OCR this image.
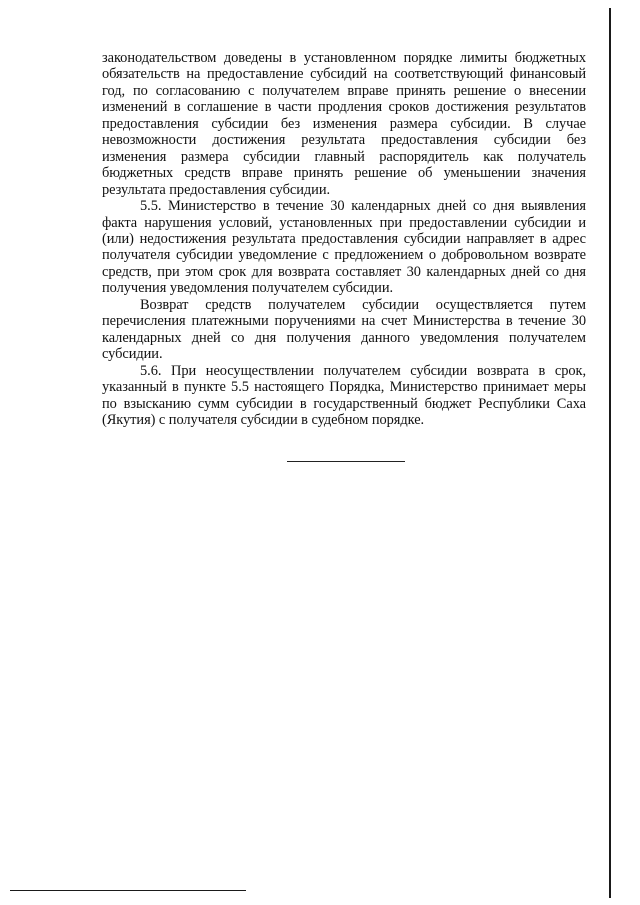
законодательством доведены в установленном порядке лимиты бюджетных обязательств на предоставление субсидий на соответствующий финансовый год, по согласованию с получателем вправе принять решение о внесении изменений в соглашение в части продления сроков достижения результатов предоставления субсидии без изменения размера субсидии. В случае невозможности достижения результата предоставления субсидии без изменения размера субсидии главный распорядитель как получатель бюджетных средств вправе принять решение об уменьшении значения результата предоставления субсидии.

5.5. Министерство в течение 30 календарных дней со дня выявления факта нарушения условий, установленных при предоставлении субсидии и (или) недостижения результата предоставления субсидии направляет в адрес получателя субсидии уведомление с предложением о добровольном возврате средств, при этом срок для возврата составляет 30 календарных дней со дня получения уведомления получателем субсидии.

Возврат средств получателем субсидии осуществляется путем перечисления платежными поручениями на счет Министерства в течение 30 календарных дней со дня получения данного уведомления получателем субсидии.

5.6. При неосуществлении получателем субсидии возврата в срок, указанный в пункте 5.5 настоящего Порядка, Министерство принимает меры по взысканию сумм субсидии в государственный бюджет Республики Саха (Якутия) с получателя субсидии в судебном порядке.
